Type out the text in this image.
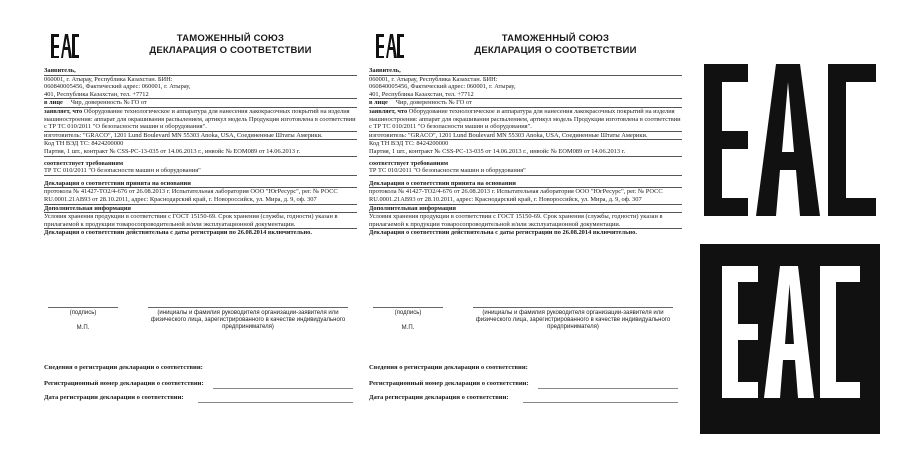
ТАМОЖЕННЫЙ СОЮЗ
ДЕКЛАРАЦИЯ О СООТВЕТСТВИИ
Заявитель,
060001, г. Атырау, Республика Казахстан. БИН:
060840005456, Фактический адрес: 060001, г. Атырау,
401, Республика Казахстан, тел. +7712
в лице Чир, доверенность № ГО от
заявляет, что Оборудование технологическое и аппаратура для нанесения лакокрасочных покрытий на изделия машиностроения: аппарат для окрашивания распылением, артикул модель Продукция изготовлена в соответствии с ТР ТС 010/2011 "О безопасности машин и оборудования".
изготовитель: "GRACO", 1201 Lund Boulevard MN 55303 Anoka, USA, Соединенные Штаты Америки.
Код ТН ВЭД ТС: 8424200000
Партия, 1 шт., контракт № CSS-PC-13-035 от 14.06.2013 г., инвойс № EOM089 от 14.06.2013 г.
соответствует требованиям
ТР ТС 010/2011 "О безопасности машин и оборудования"
Декларация о соответствии принята на основании
протокола № 41427-ТО2/4-676 от 26.08.2013 г. Испытательная лаборатория ООО "ЮгРесурс", рег. № РОСС RU.0001.21АВ93 от 28.10.2011, адрес: Краснодарский край, г. Новороссийск, ул. Мира, д. 9, оф. 307
Дополнительная информация
Условия хранения продукции в соответствии с ГОСТ 15150-69. Срок хранения (службы, годности) указан в прилагаемой к продукции товаросопроводительной и/или эксплуатационной документации.
Декларация о соответствии действительна с даты регистрации по 26.08.2014 включительно.
(подпись)
М.П.
(инициалы и фамилия руководителя организации-заявителя или физического лица, зарегистрированного в качестве индивидуального предпринимателя)
Сведения о регистрации декларации о соответствии:
Регистрационный номер декларации о соответствии:
Дата регистрации декларации о соответствии:
ТАМОЖЕННЫЙ СОЮЗ
ДЕКЛАРАЦИЯ О СООТВЕТСТВИИ
Заявитель,
060001, г. Атырау, Республика Казахстан. БИН:
060840005456, Фактический адрес: 060001, г. Атырау,
401, Республика Казахстан, тел. +7712
в лице Чир, доверенность № ГО от
заявляет, что Оборудование технологическое и аппаратура для нанесения лакокрасочных покрытий на изделия машиностроения: аппарат для окрашивания распылением, артикул модель Продукция изготовлена в соответствии с ТР ТС 010/2011 "О безопасности машин и оборудования".
изготовитель: "GRACO", 1201 Lund Boulevard MN 55303 Anoka, USA, Соединенные Штаты Америки.
Код ТН ВЭД ТС: 8424200000
Партия, 1 шт., контракт № CSS-PC-13-035 от 14.06.2013 г., инвойс № EOM089 от 14.06.2013 г.
соответствует требованиям
ТР ТС 010/2011 "О безопасности машин и оборудования"
Декларация о соответствии принята на основании
протокола № 41427-ТО2/4-676 от 26.08.2013 г. Испытательная лаборатория ООО "ЮгРесурс", рег. № РОСС RU.0001.21АВ93 от 28.10.2011, адрес: Краснодарский край, г. Новороссийск, ул. Мира, д. 9, оф. 307
Дополнительная информация
Условия хранения продукции в соответствии с ГОСТ 15150-69. Срок хранения (службы, годности) указан в прилагаемой к продукции товаросопроводительной и/или эксплуатационной документации.
Декларация о соответствии действительна с даты регистрации по 26.08.2014 включительно.
(подпись)
М.П.
(инициалы и фамилия руководителя организации-заявителя или физического лица, зарегистрированного в качестве индивидуального предпринимателя)
Сведения о регистрации декларации о соответствии:
Регистрационный номер декларации о соответствии:
Дата регистрации декларации о соответствии:
